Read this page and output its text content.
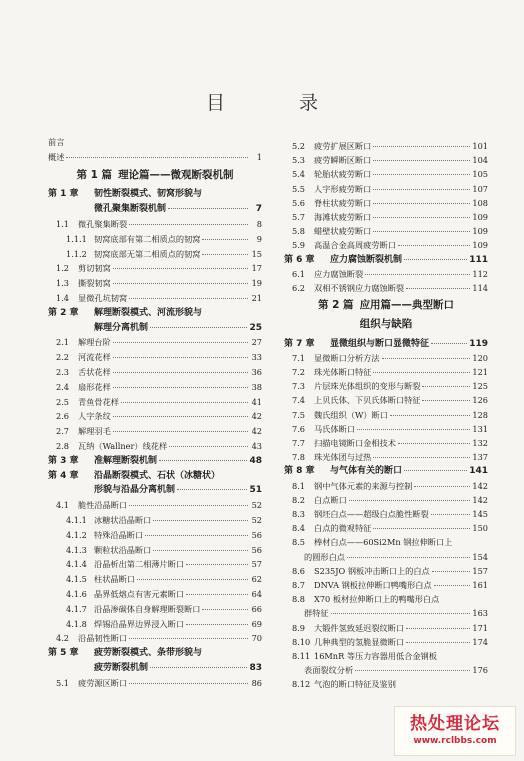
目 录
前言
概述	1
第 1 篇 理论篇——微观断裂机制
第 1 章	韧性断裂模式、韧窝形貌与
微孔聚集断裂机制	7
1.1	微孔聚集断裂	8
1.1.1 韧窝底部有第二相质点的韧窝	9
1.1.2 韧窝底部无第二相质点的韧窝	15
1.2	剪切韧窝	17
1.3	撕裂韧窝	19
1.4	显微孔坑韧窝	21
第 2 章	解理断裂模式、河流形貌与
解理分离机制	25
2.1	解理台阶	27
2.2	河流花样	33
2.3	舌状花样	36
2.4	扇形花样	38
2.5	青鱼骨花样	41
2.6	人字条纹	42
2.7	解理羽毛	42
2.8	瓦纳（Wallner）线花样	43
第 3 章	准解理断裂机制	48
第 4 章	沿晶断裂模式、石状（冰糖状）
形貌与沿晶分离机制	51
4.1	脆性沿晶断口	52
4.1.1 冰糖状沿晶断口	52
4.1.2 特殊沿晶断口	56
4.1.3 颗粒状沿晶断口	56
4.1.4 沿晶析出第二相薄片断口	57
4.1.5 柱状晶断口	62
4.1.6 晶界低熔点有害元素断口	64
4.1.7 沿晶渗碳体自身解理断裂断口	66
4.1.8 焊锡沿晶界边界浸入断口	69
4.2	沿晶韧性断口	70
第 5 章	疲劳断裂模式、条带形貌与
疲劳断裂机制	83
5.1	疲劳源区断口	86
5.2	疲劳扩展区断口	101
5.3	疲劳瞬断区断口	104
5.4	轮胎状疲劳断口	105
5.5	人字形疲劳断口	107
5.6	脊柱状疲劳断口	108
5.7	海滩状疲劳断口	109
5.8	蜡壁状疲劳断口	109
5.9	高温合金高周疲劳断口	109
第 6 章	应力腐蚀断裂机制	111
6.1	应力腐蚀断裂	112
6.2	双相不锈钢应力腐蚀断裂	114
第 2 篇 应用篇——典型断口
组织与缺陷
第 7 章	显微组织与断口显微特征	119
7.1	显微断口分析方法	120
7.2	珠光体断口特征	121
7.3	片层珠光体组织的变形与断裂	125
7.4	上贝氏体、下贝氏体断口特征	126
7.5	魏氏组织（W）断口	128
7.6	马氏体断口	131
7.7	扫描电镜断口金相技术	132
7.8	珠光体团与过热	137
第 8 章	与气体有关的断口	141
8.1	钢中气体元素的来源与控制	142
8.2	白点断口	142
8.3	钢坯白点——超级白点脆性断裂	145
8.4	白点的微观特征	150
8.5	棒材白点——60Si2Mn 钢拉伸断口上
的圆形白点	154
8.6	S235JO 钢板冲击断口上的白点	157
8.7	DNVA 钢板拉伸断口鸭嘴形白点	161
8.8	X70 板材拉伸断口上的鸭嘴形白点
群特征	163
8.9	大锻件氢致延迟裂纹断口	171
8.10 几种典型的氢脆显微断口	174
8.11 16MnR 等压力容器用低合金钢板
表面裂纹分析	176
8.12 气泡的断口特征及鉴别
热处理论坛
www.rclbbs.com
